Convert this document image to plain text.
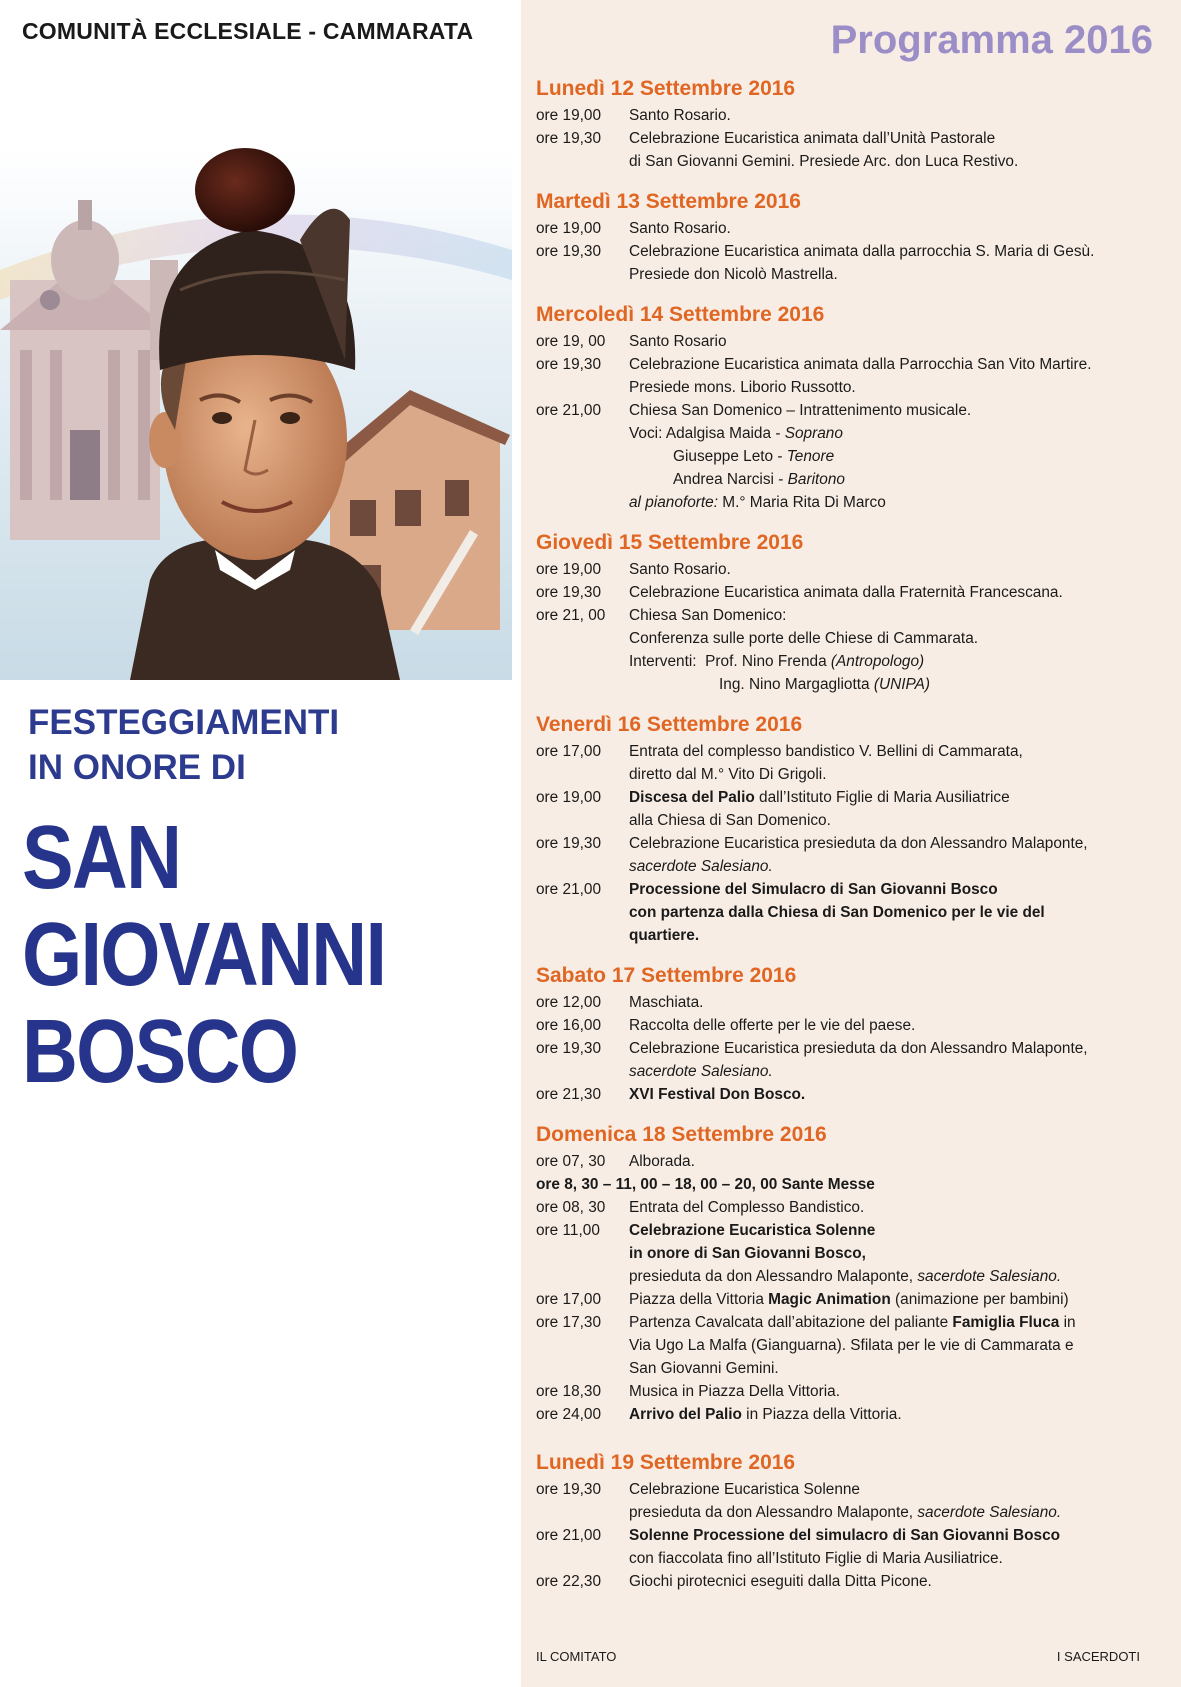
COMUNITÀ ECCLESIALE - CAMMARATA
FESTEGGIAMENTI
IN ONORE DI
SAN
GIOVANNI
BOSCO
Programma 2016
Lunedì 12 Settembre 2016
ore 19,00	Santo Rosario.
ore 19,30	Celebrazione Eucaristica animata dall’Unità Pastorale
di San Giovanni Gemini. Presiede Arc. don Luca Restivo.
Martedì 13 Settembre 2016
ore 19,00	Santo Rosario.
ore 19,30	Celebrazione Eucaristica animata dalla parrocchia S. Maria di Gesù.
Presiede don Nicolò Mastrella.
Mercoledì 14 Settembre 2016
ore 19, 00	Santo Rosario
ore 19,30	Celebrazione Eucaristica animata dalla Parrocchia San Vito Martire.
Presiede mons. Liborio Russotto.
ore 21,00	Chiesa San Domenico – Intrattenimento musicale.
Voci: Adalgisa Maida - Soprano
Giuseppe Leto - Tenore
Andrea Narcisi - Baritono
al pianoforte: M.° Maria Rita Di Marco
Giovedì 15 Settembre 2016
ore 19,00	Santo Rosario.
ore 19,30	Celebrazione Eucaristica animata dalla Fraternità Francescana.
ore 21, 00	Chiesa San Domenico:
Conferenza sulle porte delle Chiese di Cammarata.
Interventi: Prof. Nino Frenda (Antropologo)
Ing. Nino Margagliotta (UNIPA)
Venerdì 16 Settembre 2016
ore 17,00	Entrata del complesso bandistico V. Bellini di Cammarata,
diretto dal M.° Vito Di Grigoli.
ore 19,00	Discesa del Palio dall’Istituto Figlie di Maria Ausiliatrice
alla Chiesa di San Domenico.
ore 19,30	Celebrazione Eucaristica presieduta da don Alessandro Malaponte,
sacerdote Salesiano.
ore 21,00	Processione del Simulacro di San Giovanni Bosco
con partenza dalla Chiesa di San Domenico per le vie del
quartiere.
Sabato 17 Settembre 2016
ore 12,00	Maschiata.
ore 16,00	Raccolta delle offerte per le vie del paese.
ore 19,30	Celebrazione Eucaristica presieduta da don Alessandro Malaponte,
sacerdote Salesiano.
ore 21,30	XVI Festival Don Bosco.
Domenica 18 Settembre 2016
ore 07, 30	Alborada.
ore 8, 30 – 11, 00 – 18, 00 – 20, 00 Sante Messe
ore 08, 30	Entrata del Complesso Bandistico.
ore 11,00	Celebrazione Eucaristica Solenne
in onore di San Giovanni Bosco,
presieduta da don Alessandro Malaponte, sacerdote Salesiano.
ore 17,00	Piazza della Vittoria Magic Animation (animazione per bambini)
ore 17,30	Partenza Cavalcata dall’abitazione del paliante Famiglia Fluca in
Via Ugo La Malfa (Gianguarna). Sfilata per le vie di Cammarata e
San Giovanni Gemini.
ore 18,30	Musica in Piazza Della Vittoria.
ore 24,00	Arrivo del Palio in Piazza della Vittoria.
Lunedì 19 Settembre 2016
ore 19,30	Celebrazione Eucaristica Solenne
presieduta da don Alessandro Malaponte, sacerdote Salesiano.
ore 21,00	Solenne Processione del simulacro di San Giovanni Bosco
con fiaccolata fino all’Istituto Figlie di Maria Ausiliatrice.
ore 22,30	Giochi pirotecnici eseguiti dalla Ditta Picone.
IL COMITATO	I SACERDOTI
